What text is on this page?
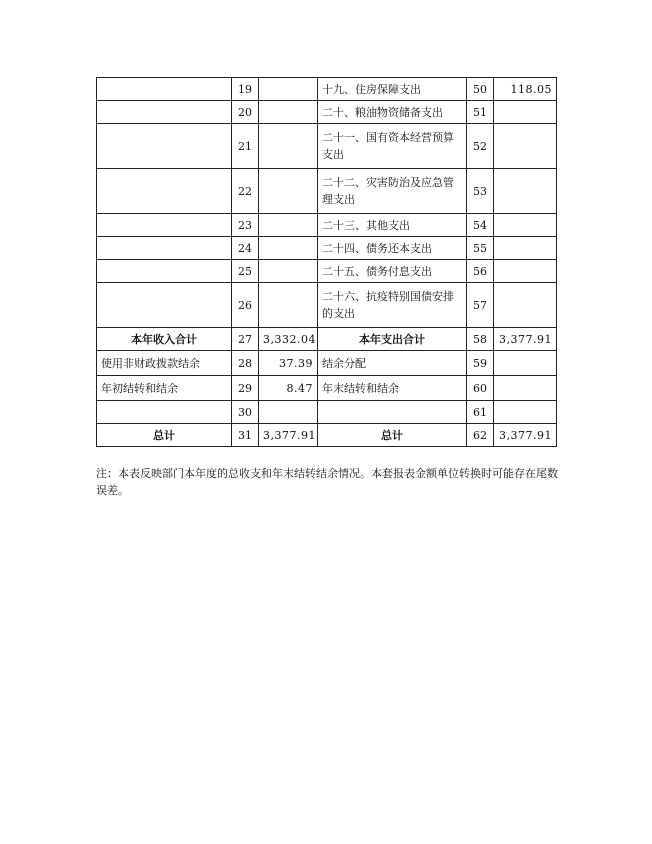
	19		十九、住房保障支出	50	118.05
	20		二十、粮油物资储备支出	51	
	21		二十一、国有资本经营预算支出	52	
	22		二十二、灾害防治及应急管理支出	53	
	23		二十三、其他支出	54	
	24		二十四、债务还本支出	55	
	25		二十五、债务付息支出	56	
	26		二十六、抗疫特别国债安排的支出	57	
本年收入合计	27	3,332.04	本年支出合计	58	3,377.91
使用非财政拨款结余	28	37.39	结余分配	59	
年初结转和结余	29	8.47	年末结转和结余	60	
	30			61	
总计	31	3,377.91	总计	62	3,377.91

注：本表反映部门本年度的总收支和年末结转结余情况。本套报表金额单位转换时可能存在尾数误差。
